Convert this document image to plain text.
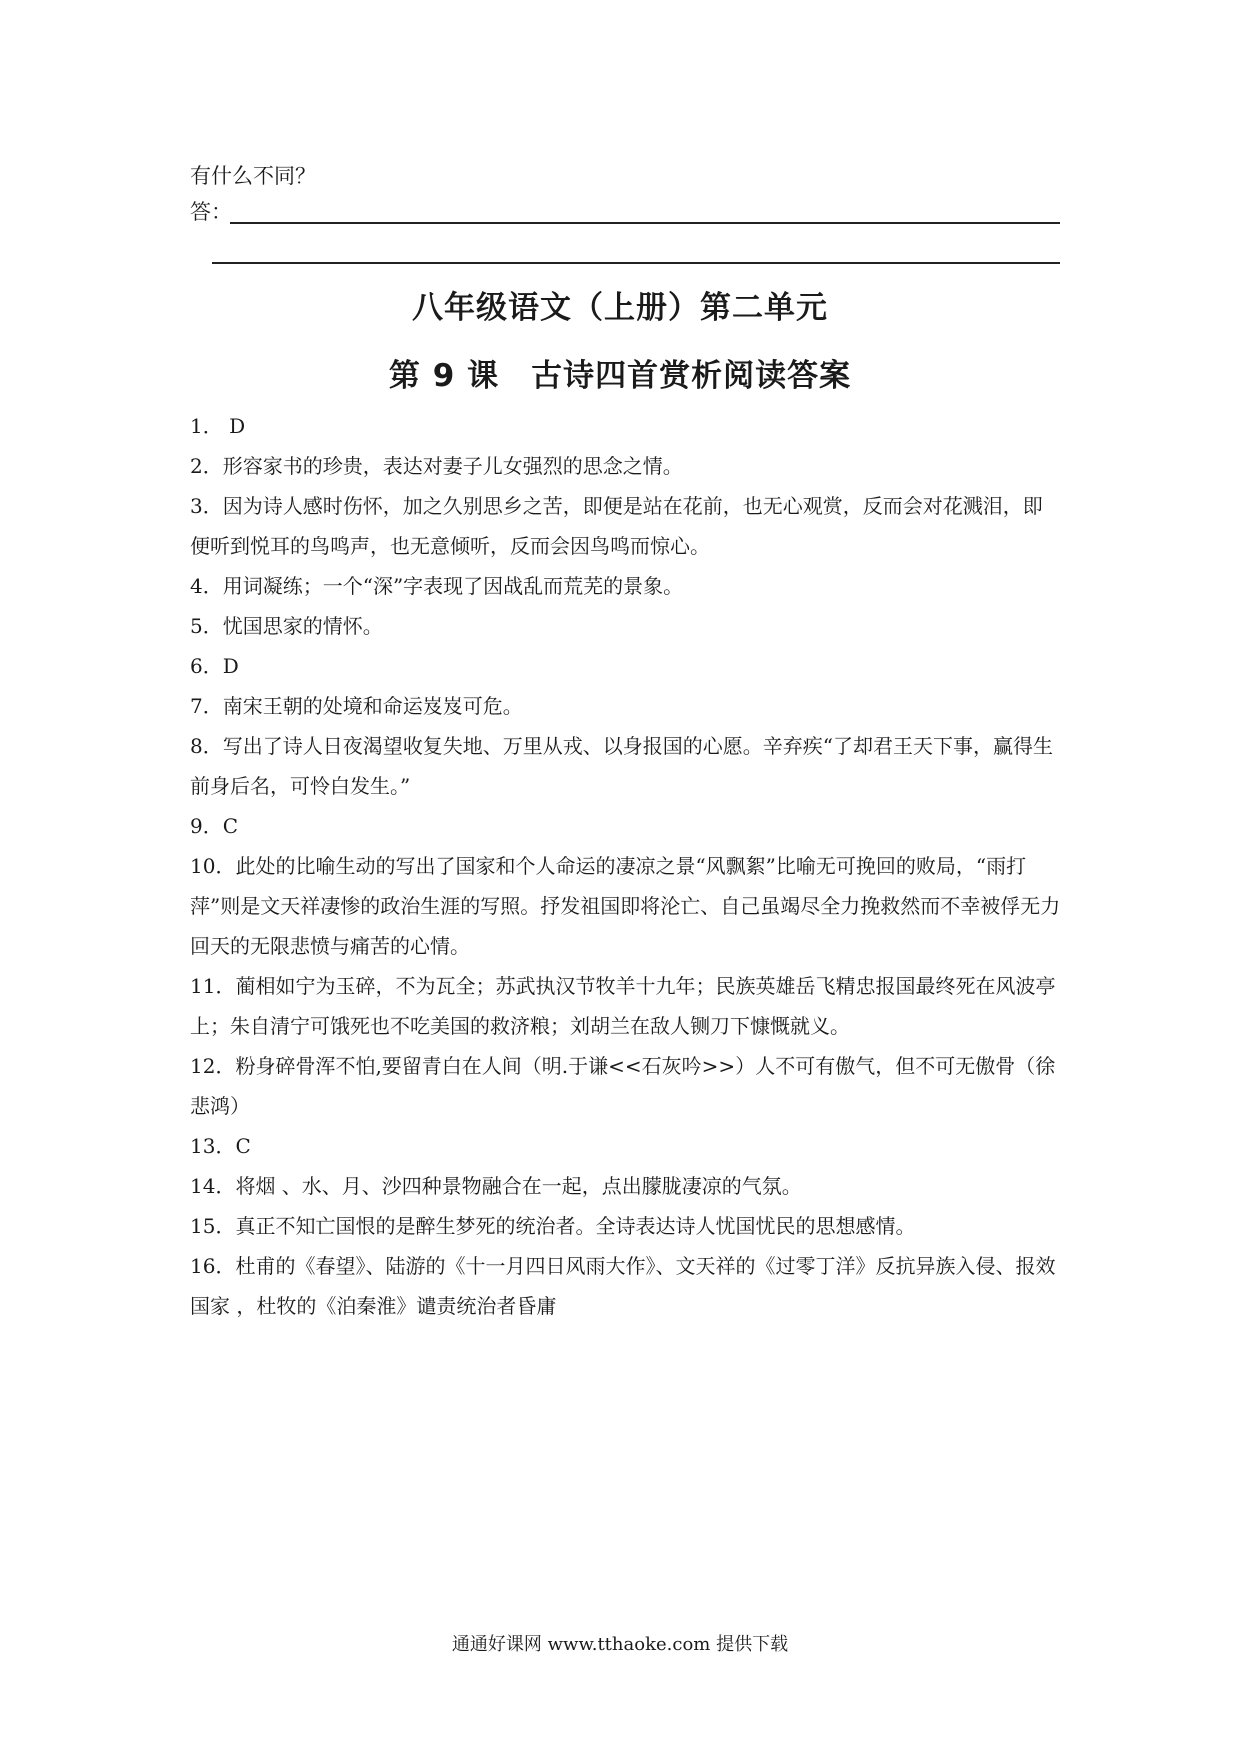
有什么不同？
答：
八年级语文（上册）第二单元
第 9 课　古诗四首赏析阅读答案
1． D
2．形容家书的珍贵，表达对妻子儿女强烈的思念之情。
3．因为诗人感时伤怀，加之久别思乡之苦，即便是站在花前，也无心观赏，反而会对花溅泪，即便听到悦耳的鸟鸣声，也无意倾听，反而会因鸟鸣而惊心。
4．用词凝练；一个“深”字表现了因战乱而荒芜的景象。
5．忧国思家的情怀。
6．D
7．南宋王朝的处境和命运岌岌可危。
8．写出了诗人日夜渴望收复失地、万里从戎、以身报国的心愿。辛弃疾“了却君王天下事，赢得生前身后名，可怜白发生。”
9．C
10．此处的比喻生动的写出了国家和个人命运的凄凉之景“风飘絮”比喻无可挽回的败局，“雨打萍”则是文天祥凄惨的政治生涯的写照。抒发祖国即将沦亡、自己虽竭尽全力挽救然而不幸被俘无力回天的无限悲愤与痛苦的心情。
11．蔺相如宁为玉碎，不为瓦全；苏武执汉节牧羊十九年；民族英雄岳飞精忠报国最终死在风波亭上；朱自清宁可饿死也不吃美国的救济粮；刘胡兰在敌人铡刀下慷慨就义。
12．粉身碎骨浑不怕,要留青白在人间（明.于谦<<石灰吟>>）人不可有傲气，但不可无傲骨（徐悲鸿）
13．C
14．将烟 、水、月、沙四种景物融合在一起，点出朦胧凄凉的气氛。
15．真正不知亡国恨的是醉生梦死的统治者。全诗表达诗人忧国忧民的思想感情。
16．杜甫的《春望》、陆游的《十一月四日风雨大作》、文天祥的《过零丁洋》反抗异族入侵、报效国家 ，杜牧的《泊秦淮》谴责统治者昏庸
通通好课网 www.tthaoke.com 提供下载
